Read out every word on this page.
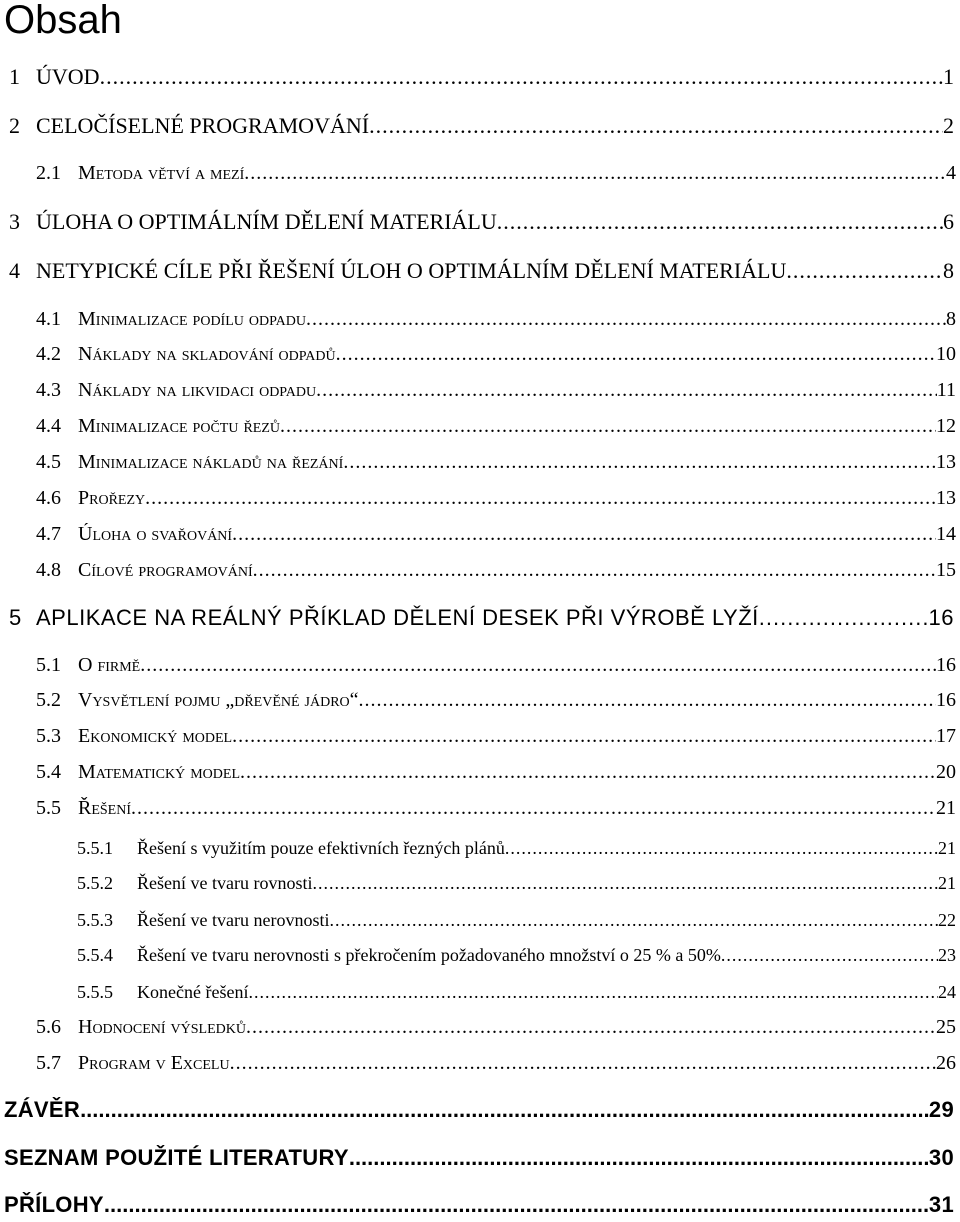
Obsah
1 ÚVOD .....	1
2 CELOČÍSELNÉ PROGRAMOVÁNÍ .....	2
2.1 Metoda větví a mezí .....	4
3 ÚLOHA O OPTIMÁLNÍM DĚLENÍ MATERIÁLU .....	6
4 NETYPICKÉ CÍLE PŘI ŘEŠENÍ ÚLOH O OPTIMÁLNÍM DĚLENÍ MATERIÁLU .....	8
4.1 Minimalizace podílu odpadu .....	8
4.2 Náklady na skladování odpadů .....	10
4.3 Náklady na likvidaci odpadu .....	11
4.4 Minimalizace počtu řezů .....	12
4.5 Minimalizace nákladů na řezání .....	13
4.6 Prořezy .....	13
4.7 Úloha o svařování .....	14
4.8 Cílové programování .....	15
5 APLIKACE NA REÁLNÝ PŘÍKLAD DĚLENÍ DESEK PŘI VÝROBĚ LYŽÍ .....	16
5.1 O firmě .....	16
5.2 Vysvětlení pojmu „dřevěné jádro“ .....	16
5.3 Ekonomický model .....	17
5.4 Matematický model .....	20
5.5 Řešení .....	21
5.5.1	Řešení s využitím pouze efektivních řezných plánů .....	21
5.5.2	Řešení ve tvaru rovnosti .....	21
5.5.3	Řešení ve tvaru nerovnosti .....	22
5.5.4	Řešení ve tvaru nerovnosti s překročením požadovaného množství o 25 % a 50% .....	23
5.5.5	Konečné řešení .....	24
5.6 Hodnocení výsledků .....	25
5.7 Program v Excelu .....	26
ZÁVĚR .....	29
SEZNAM POUŽITÉ LITERATURY .....	30
PŘÍLOHY .....	31
